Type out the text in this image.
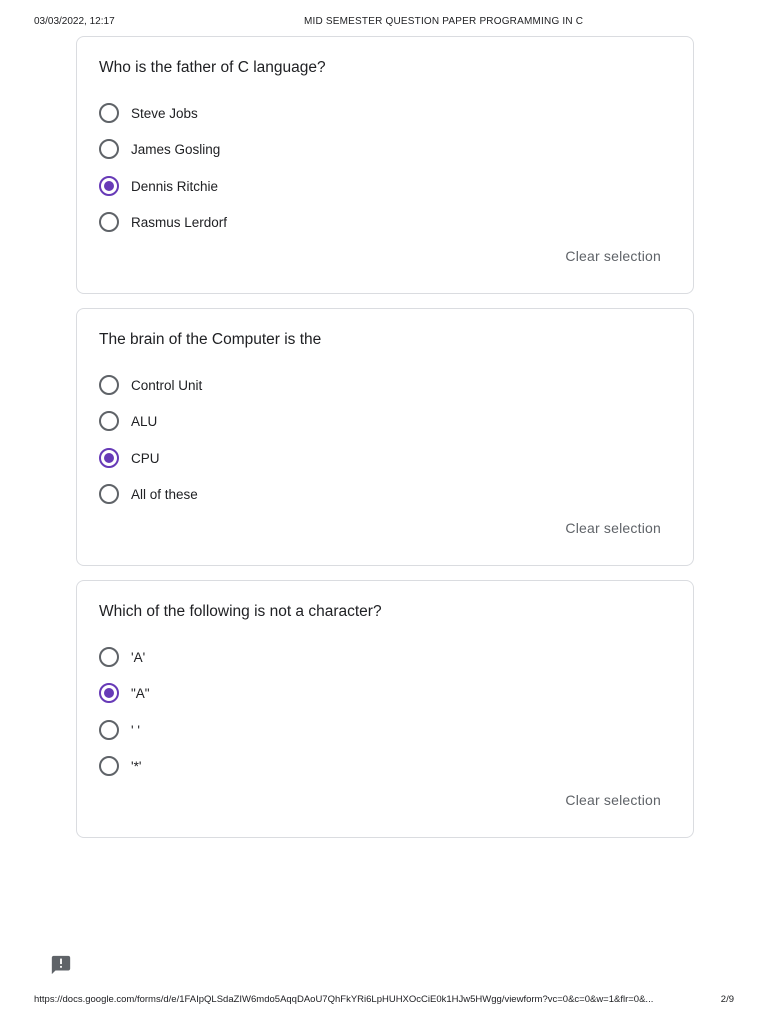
03/03/2022, 12:17	MID SEMESTER QUESTION PAPER PROGRAMMING IN C
Who is the father of C language?
Steve Jobs
James Gosling
Dennis Ritchie
Rasmus Lerdorf
Clear selection
The brain of the Computer is the
Control Unit
ALU
CPU
All of these
Clear selection
Which of the following is not a character?
'A'
"A"
' '
'*'
Clear selection
https://docs.google.com/forms/d/e/1FAIpQLSdaZIW6mdo5AqqDAoU7QhFkYRi6LpHUHXOcCiE0k1HJw5HWgg/viewform?vc=0&c=0&w=1&flr=0&...	2/9
